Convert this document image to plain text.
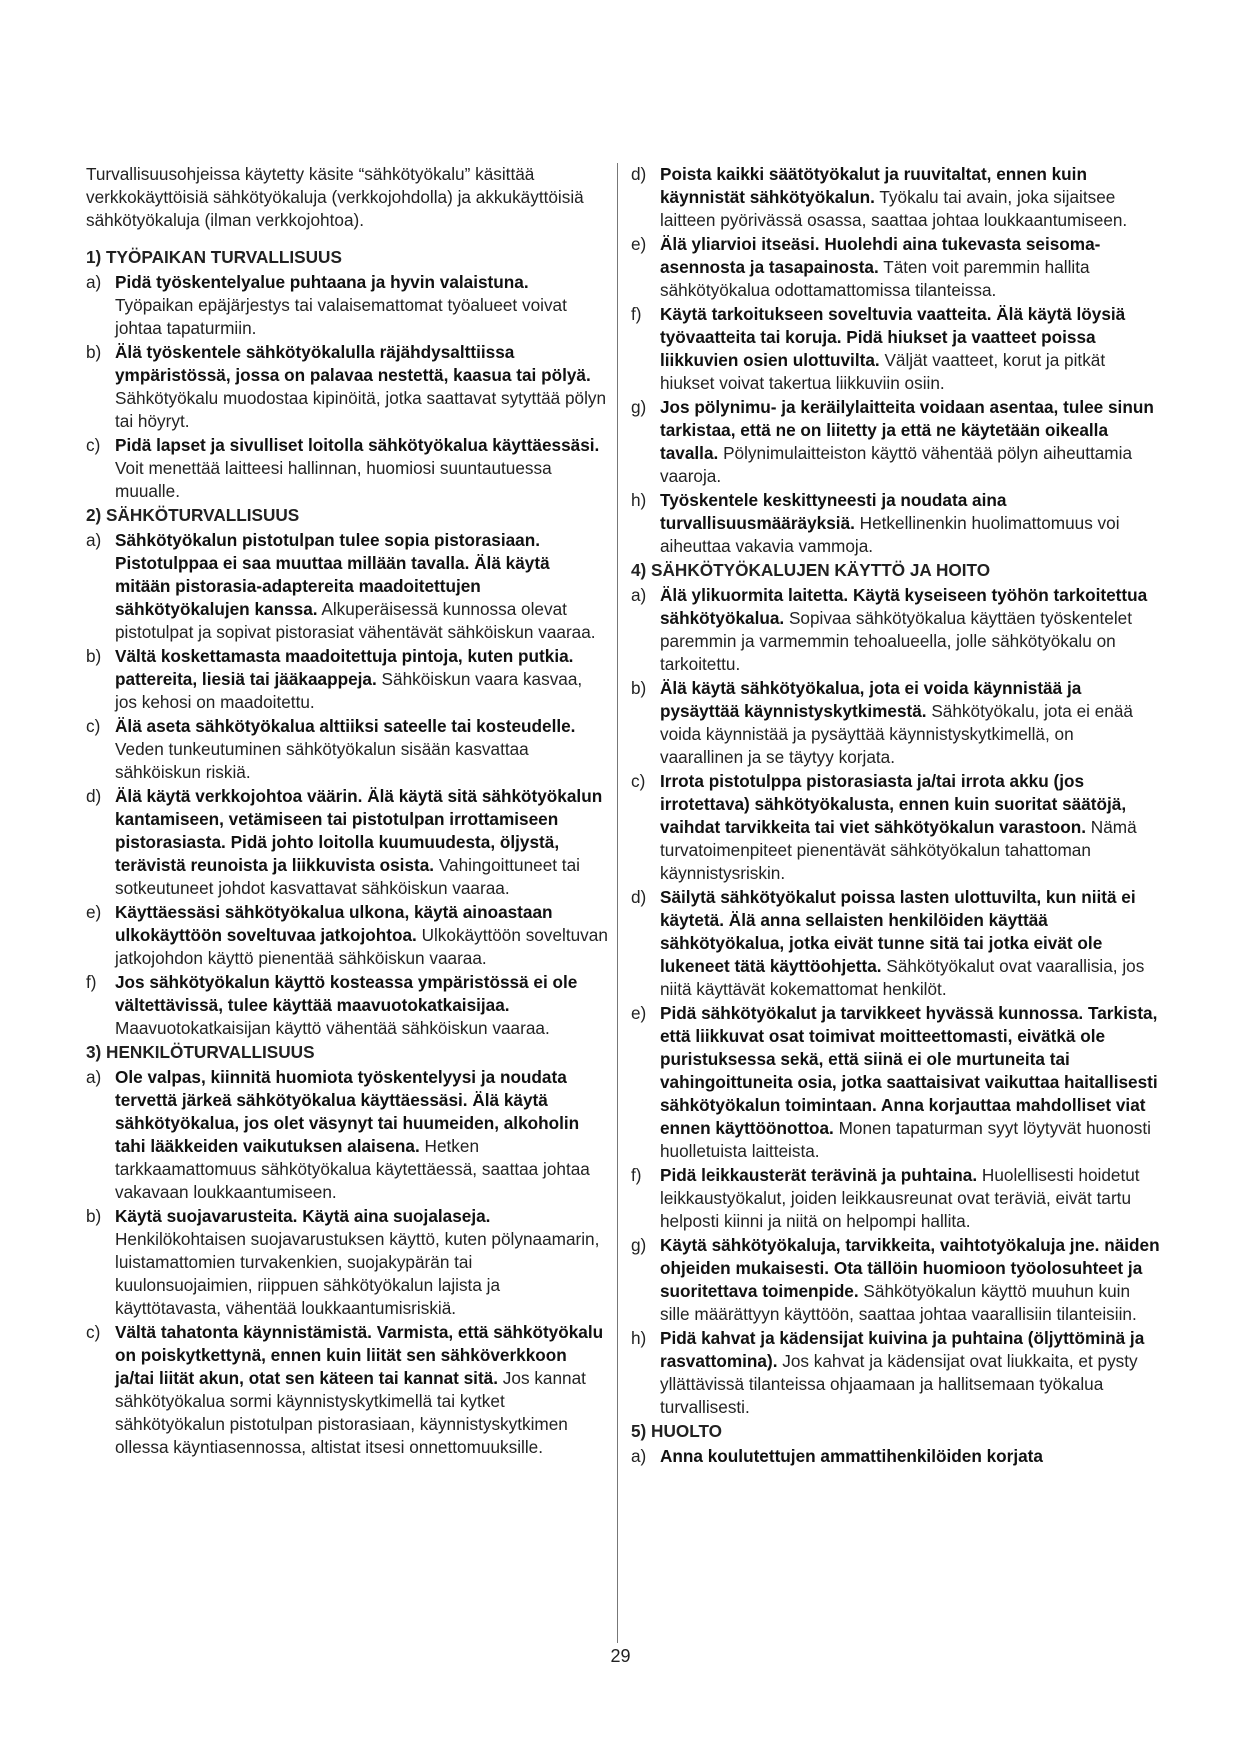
Turvallisuusohjeissa käytetty käsite “sähkötyökalu” käsittää verkkokäyttöisiä sähkötyökaluja (verkkojohdolla) ja akkukäyttöisiä sähkötyökaluja (ilman verkkojohtoa).

1) TYÖPAIKAN TURVALLISUUS

a) Pidä työskentelyalue puhtaana ja hyvin valaistuna. Työpaikan epäjärjestys tai valaisemattomat työalueet voivat johtaa tapaturmiin.
b) Älä työskentele sähkötyökalulla räjähdysalttiissa ympäristössä, jossa on palavaa nestettä, kaasua tai pölyä. Sähkötyökalu muodostaa kipinöitä, jotka saattavat sytyttää pölyn tai höyryt.
c) Pidä lapset ja sivulliset loitolla sähkötyökalua käyttäessäsi. Voit menettää laitteesi hallinnan, huomiosi suuntautuessa muualle.

2) SÄHKÖTURVALLISUUS

a) Sähkötyökalun pistotulpan tulee sopia pistorasiaan. Pistotulppaa ei saa muuttaa millään tavalla. Älä käytä mitään pistorasia-adaptereita maadoitettujen sähkötyökalujen kanssa. Alkuperäisessä kunnossa olevat pistotulpat ja sopivat pistorasiat vähentävät sähköiskun vaaraa.
b) Vältä koskettamasta maadoitettuja pintoja, kuten putkia. pattereita, liesiä tai jääkaappeja. Sähköiskun vaara kasvaa, jos kehosi on maadoitettu.
c) Älä aseta sähkötyökalua alttiiksi sateelle tai kosteudelle. Veden tunkeutuminen sähkötyökalun sisään kasvattaa sähköiskun riskiä.
d) Älä käytä verkkojohtoa väärin. Älä käytä sitä sähkötyökalun kantamiseen, vetämiseen tai pistotulpan irrottamiseen pistorasiasta. Pidä johto loitolla kuumuudesta, öljystä, terävistä reunoista ja liikkuvista osista. Vahingoittuneet tai sotkeutuneet johdot kasvattavat sähköiskun vaaraa.
e) Käyttäessäsi sähkötyökalua ulkona, käytä ainoastaan ulkokäyttöön soveltuvaa jatkojohtoa. Ulkokäyttöön soveltuvan jatkojohdon käyttö pienentää sähköiskun vaaraa.
f) Jos sähkötyökalun käyttö kosteassa ympäristössä ei ole vältettävissä, tulee käyttää maavuotokatkaisijaa. Maavuotokatkaisijan käyttö vähentää sähköiskun vaaraa.

3) HENKILÖTURVALLISUUS

a) Ole valpas, kiinnitä huomiota työskentelyysi ja noudata tervettä järkeä sähkötyökalua käyttäessäsi. Älä käytä sähkötyökalua, jos olet väsynyt tai huumeiden, alkoholin tahi lääkkeiden vaikutuksen alaisena. Hetken tarkkaamattomuus sähkötyökalua käytettäessä, saattaa johtaa vakavaan loukkaantumiseen.
b) Käytä suojavarusteita. Käytä aina suojalaseja. Henkilökohtaisen suojavarustuksen käyttö, kuten pölynaamarin, luistamattomien turvakenkien, suojakypärän tai kuulonsuojaimien, riippuen sähkötyökalun lajista ja käyttötavasta, vähentää loukkaantumisriskiä.
c) Vältä tahatonta käynnistämistä. Varmista, että sähkötyökalu on poiskytkettynä, ennen kuin liität sen sähköverkkoon ja/tai liität akun, otat sen käteen tai kannat sitä. Jos kannat sähkötyökalua sormi käynnistyskytkimellä tai kytket sähkötyökalun pistotulpan pistorasiaan, käynnistyskytkimen ollessa käyntiasennossa, altistat itsesi onnettomuuksille.
d) Poista kaikki säätötyökalut ja ruuvitaltat, ennen kuin käynnistät sähkötyökalun. Työkalu tai avain, joka sijaitsee laitteen pyörivässä osassa, saattaa johtaa loukkaantumiseen.
e) Älä yliarvioi itseäsi. Huolehdi aina tukevasta seisoma-asennosta ja tasapainosta. Täten voit paremmin hallita sähkötyökalua odottamattomissa tilanteissa.
f) Käytä tarkoitukseen soveltuvia vaatteita. Älä käytä löysiä työvaatteita tai koruja. Pidä hiukset ja vaatteet poissa liikkuvien osien ulottuvilta. Väljät vaatteet, korut ja pitkät hiukset voivat takertua liikkuviin osiin.
g) Jos pölynimu- ja keräilylaitteita voidaan asentaa, tulee sinun tarkistaa, että ne on liitetty ja että ne käytetään oikealla tavalla. Pölynimulaitteiston käyttö vähentää pölyn aiheuttamia vaaroja.
h) Työskentele keskittyneesti ja noudata aina turvallisuusmääräyksiä. Hetkellinenkin huolimattomuus voi aiheuttaa vakavia vammoja.

4) SÄHKÖTYÖKALUJEN KÄYTTÖ JA HOITO

a) Älä ylikuormita laitetta. Käytä kyseiseen työhön tarkoitettua sähkötyökalua. Sopivaa sähkötyökalua käyttäen työskentelet paremmin ja varmemmin tehoalueella, jolle sähkötyökalu on tarkoitettu.
b) Älä käytä sähkötyökalua, jota ei voida käynnistää ja pysäyttää käynnistyskytkimestä. Sähkötyökalu, jota ei enää voida käynnistää ja pysäyttää käynnistyskytkimellä, on vaarallinen ja se täytyy korjata.
c) Irrota pistotulppa pistorasiasta ja/tai irrota akku (jos irrotettava) sähkötyökalusta, ennen kuin suoritat säätöjä, vaihdat tarvikkeita tai viet sähkötyökalun varastoon. Nämä turvatoimenpiteet pienentävät sähkötyökalun tahattoman käynnistysriskin.
d) Säilytä sähkötyökalut poissa lasten ulottuvilta, kun niitä ei käytetä. Älä anna sellaisten henkilöiden käyttää sähkötyökalua, jotka eivät tunne sitä tai jotka eivät ole lukeneet tätä käyttöohjetta. Sähkötyökalut ovat vaarallisia, jos niitä käyttävät kokemattomat henkilöt.
e) Pidä sähkötyökalut ja tarvikkeet hyvässä kunnossa. Tarkista, että liikkuvat osat toimivat moitteettomasti, eivätkä ole puristuksessa sekä, että siinä ei ole murtuneita tai vahingoittuneita osia, jotka saattaisivat vaikuttaa haitallisesti sähkötyökalun toimintaan. Anna korjauttaa mahdolliset viat ennen käyttöönottoa. Monen tapaturman syyt löytyvät huonosti huolletuista laitteista.
f) Pidä leikkausterät terävinä ja puhtaina. Huolellisesti hoidetut leikkaustyökalut, joiden leikkausreunat ovat teräviä, eivät tartu helposti kiinni ja niitä on helpompi hallita.
g) Käytä sähkötyökaluja, tarvikkeita, vaihtotyökaluja jne. näiden ohjeiden mukaisesti. Ota tällöin huomioon työolosuhteet ja suoritettava toimenpide. Sähkötyökalun käyttö muuhun kuin sille määrättyyn käyttöön, saattaa johtaa vaarallisiin tilanteisiin.
h) Pidä kahvat ja kädensijat kuivina ja puhtaina (öljyttöminä ja rasvattomina). Jos kahvat ja kädensijat ovat liukkaita, et pysty yllättävissä tilanteissa ohjaamaan ja hallitsemaan työkalua turvallisesti.

5) HUOLTO

a) Anna koulutettujen ammattihenkilöiden korjata
29
